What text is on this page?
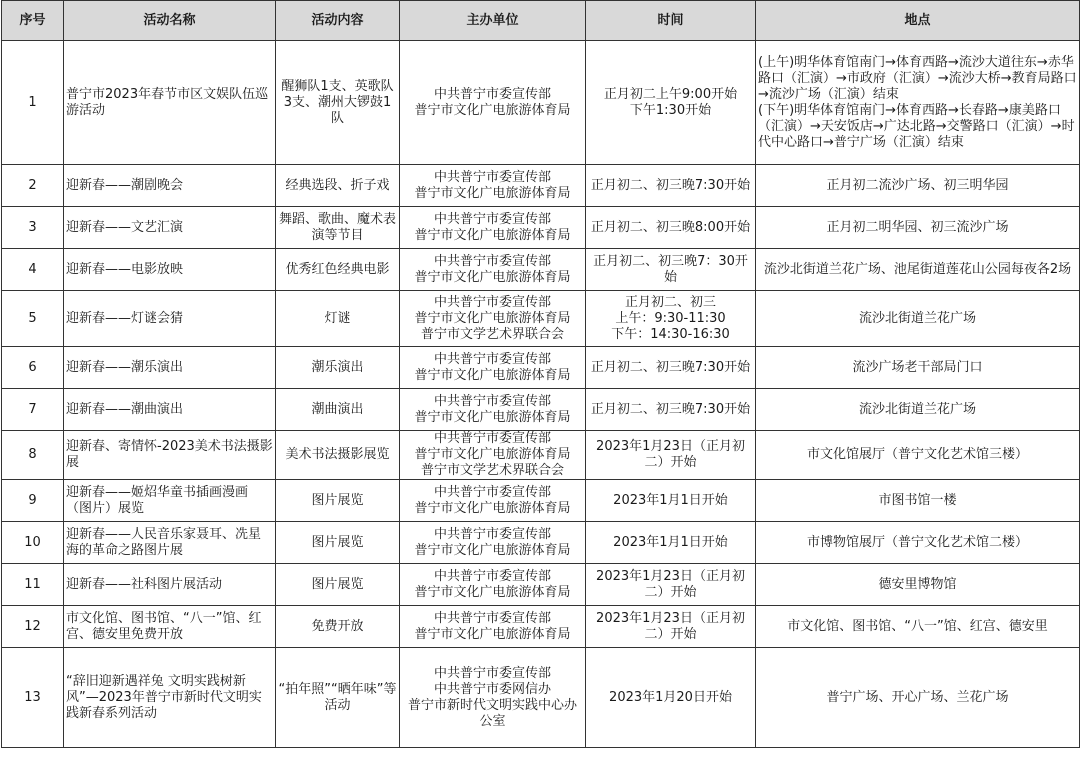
序号	活动名称	活动内容	主办单位	时间	地点
1	普宁市2023年春节市区文娱队伍巡游活动	醒狮队1支、英歌队3支、潮州大锣鼓1队	中共普宁市委宣传部
普宁市文化广电旅游体育局	正月初二上午9:00开始
下午1:30开始	(上午)明华体育馆南门→体育西路→流沙大道往东→赤华路口（汇演）→市政府（汇演）→流沙大桥→教育局路口→流沙广场（汇演）结束
(下午)明华体育馆南门→体育西路→长春路→康美路口（汇演）→天安饭店→广达北路→交警路口（汇演）→时代中心路口→普宁广场（汇演）结束

2	迎新春——潮剧晚会	经典选段、折子戏	中共普宁市委宣传部
普宁市文化广电旅游体育局	正月初二、初三晚7:30开始	正月初二流沙广场、初三明华园

3	迎新春——文艺汇演	舞蹈、歌曲、魔术表演等节目	中共普宁市委宣传部
普宁市文化广电旅游体育局	正月初二、初三晚8:00开始	正月初二明华园、初三流沙广场

4	迎新春——电影放映	优秀红色经典电影	中共普宁市委宣传部
普宁市文化广电旅游体育局	正月初二、初三晚7：30开始	流沙北街道兰花广场、池尾街道莲花山公园每夜各2场

5	迎新春——灯谜会猜	灯谜	中共普宁市委宣传部
普宁市文化广电旅游体育局
普宁市文学艺术界联合会	正月初二、初三
上午：9:30-11:30
下午：14:30-16:30	流沙北街道兰花广场

6	迎新春——潮乐演出	潮乐演出	中共普宁市委宣传部
普宁市文化广电旅游体育局	正月初二、初三晚7:30开始	流沙广场老干部局门口

7	迎新春——潮曲演出	潮曲演出	中共普宁市委宣传部
普宁市文化广电旅游体育局	正月初二、初三晚7:30开始	流沙北街道兰花广场

8	迎新春、寄情怀-2023美术书法摄影展	美术书法摄影展览	中共普宁市委宣传部
普宁市文化广电旅游体育局
普宁市文学艺术界联合会	2023年1月23日（正月初二）开始	市文化馆展厅（普宁文化艺术馆三楼）

9	迎新春——姬炤华童书插画漫画（图片）展览	图片展览	中共普宁市委宣传部
普宁市文化广电旅游体育局	2023年1月1日开始	市图书馆一楼

10	迎新春——人民音乐家聂耳、冼星海的革命之路图片展	图片展览	中共普宁市委宣传部
普宁市文化广电旅游体育局	2023年1月1日开始	市博物馆展厅（普宁文化艺术馆二楼）

11	迎新春——社科图片展活动	图片展览	中共普宁市委宣传部
普宁市文化广电旅游体育局	2023年1月23日（正月初二）开始	德安里博物馆

12	市文化馆、图书馆、“八一”馆、红宫、德安里免费开放	免费开放	中共普宁市委宣传部
普宁市文化广电旅游体育局	2023年1月23日（正月初二）开始	市文化馆、图书馆、“八一”馆、红宫、德安里

13	“辞旧迎新遇祥兔 文明实践树新风”—2023年普宁市新时代文明实践新春系列活动	“拍年照”“晒年味”等活动	中共普宁市委宣传部
中共普宁市委网信办
普宁市新时代文明实践中心办公室	2023年1月20日开始	普宁广场、开心广场、兰花广场
